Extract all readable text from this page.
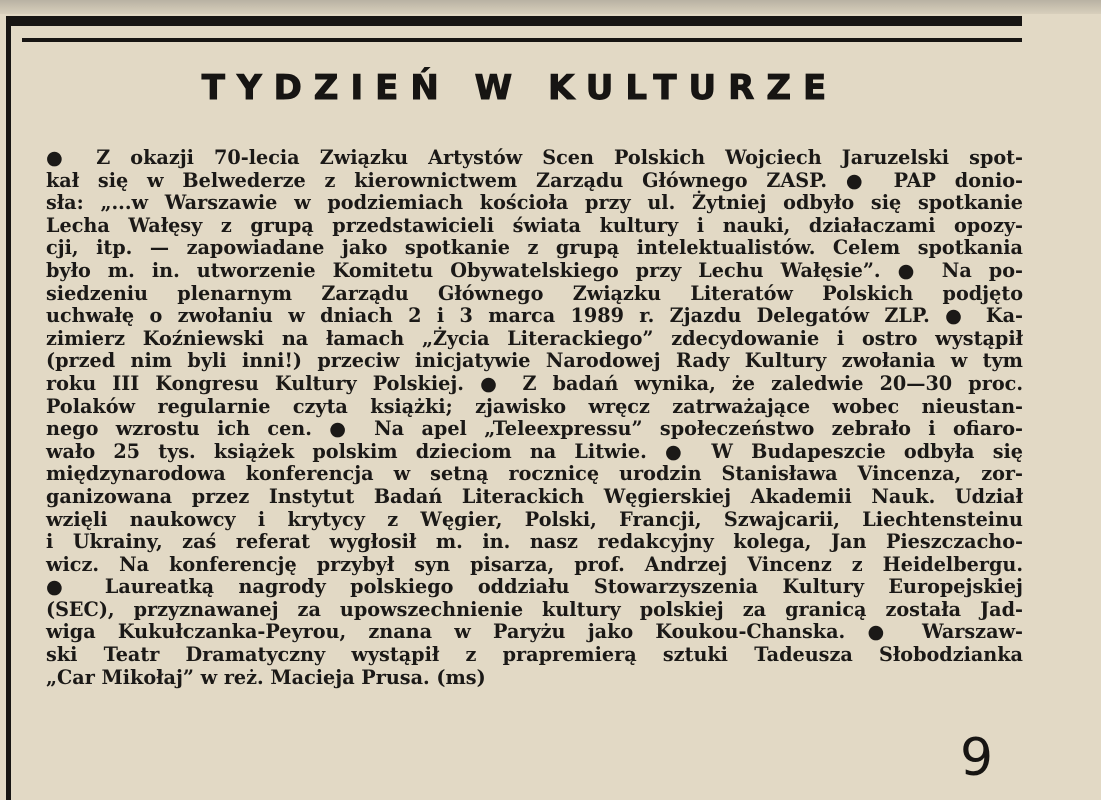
TYDZIEŃ W KULTURZE
● Z okazji 70-lecia Związku Artystów Scen Polskich Wojciech Jaruzelski spot-
kał się w Belwederze z kierownictwem Zarządu Głównego ZASP. ● PAP donio-
sła: „...w Warszawie w podziemiach kościoła przy ul. Żytniej odbyło się spotkanie
Lecha Wałęsy z grupą przedstawicieli świata kultury i nauki, działaczami opozy-
cji, itp. — zapowiadane jako spotkanie z grupą intelektualistów. Celem spotkania
było m. in. utworzenie Komitetu Obywatelskiego przy Lechu Wałęsie”. ● Na po-
siedzeniu plenarnym Zarządu Głównego Związku Literatów Polskich podjęto
uchwałę o zwołaniu w dniach 2 i 3 marca 1989 r. Zjazdu Delegatów ZLP. ● Ka-
zimierz Koźniewski na łamach „Życia Literackiego” zdecydowanie i ostro wystąpił
(przed nim byli inni!) przeciw inicjatywie Narodowej Rady Kultury zwołania w tym
roku III Kongresu Kultury Polskiej. ● Z badań wynika, że zaledwie 20—30 proc.
Polaków regularnie czyta książki; zjawisko wręcz zatrważające wobec nieustan-
nego wzrostu ich cen. ● Na apel „Teleexpressu” społeczeństwo zebrało i ofiaro-
wało 25 tys. książek polskim dzieciom na Litwie. ● W Budapeszcie odbyła się
międzynarodowa konferencja w setną rocznicę urodzin Stanisława Vincenza, zor-
ganizowana przez Instytut Badań Literackich Węgierskiej Akademii Nauk. Udział
wzięli naukowcy i krytycy z Węgier, Polski, Francji, Szwajcarii, Liechtensteinu
i Ukrainy, zaś referat wygłosił m. in. nasz redakcyjny kolega, Jan Pieszczacho-
wicz. Na konferencję przybył syn pisarza, prof. Andrzej Vincenz z Heidelbergu.
● Laureatką nagrody polskiego oddziału Stowarzyszenia Kultury Europejskiej
(SEC), przyznawanej za upowszechnienie kultury polskiej za granicą została Jad-
wiga Kukułczanka-Peyrou, znana w Paryżu jako Koukou-Chanska. ● Warszaw-
ski Teatr Dramatyczny wystąpił z prapremierą sztuki Tadeusza Słobodzianka
„Car Mikołaj” w reż. Macieja Prusa. (ms)
9
